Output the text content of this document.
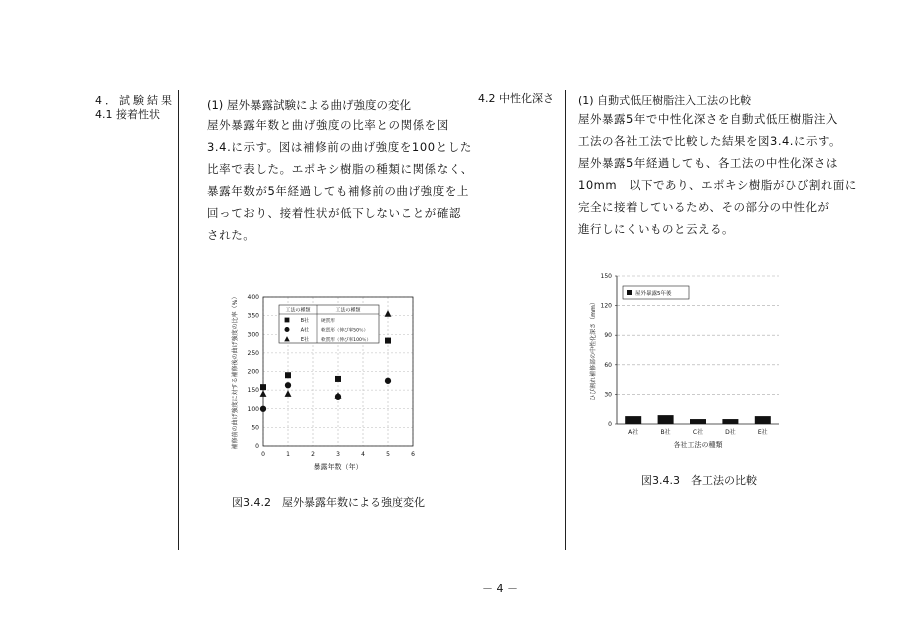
4．試験結果
4.1 接着性状
(1) 屋外暴露試験による曲げ強度の変化
屋外暴露年数と曲げ強度の比率との関係を図
3.4.に示す。図は補修前の曲げ強度を100とした
比率で表した。エポキシ樹脂の種類に関係なく、
暴露年数が5年経過しても補修前の曲げ強度を上
回っており、接着性状が低下しないことが確認
された。
0	1	2	3	4	5	6
0
50
100
150
200
250
300
350
400
暴露年数（年）
補修前の曲げ強度に対する補修後の曲げ強度の比率（%）	工法の種類	工法の種類
B社	硬質形
A社	軟質形（伸び率50％）
E社	軟質形（伸び率100％）
図3.4.2　屋外暴露年数による強度変化
4.2 中性化深さ (1) 自動式低圧樹脂注入工法の比較
屋外暴露5年で中性化深さを自動式低圧樹脂注入
工法の各社工法で比較した結果を図3.4.に示す。
屋外暴露5年経過しても、各工法の中性化深さは
10mm　以下であり、エポキシ樹脂がひび割れ面に
完全に接着しているため、その部分の中性化が
進行しにくいものと云える。
0
30
60
90
120
150
A社	B社	C社	D社	E社
各社工法の種類
ひび割れ補修部の中性化深さ（mm）
屋外暴露5年後
図3.4.3　各工法の比較
－ 4 －
